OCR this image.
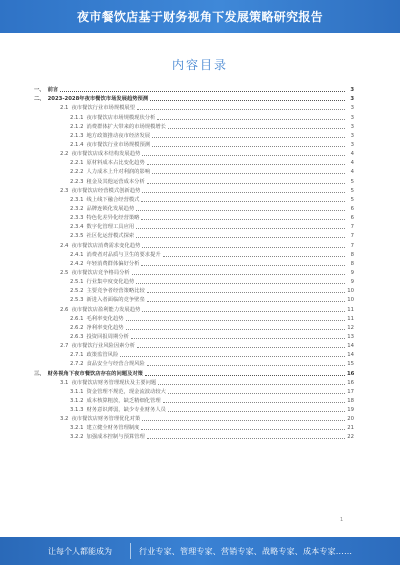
夜市餐饮店基于财务视角下发展策略研究报告
内容目录
一、 前言	3
二、 2023-2028年夜市餐饮市场发展趋势预测	3
2.1 夜市餐饮行业市场规模展望	3
2.1.1 夜市餐饮店市场规模现状分析	3
2.1.2 消费群体扩大带来的市场规模增长	3
2.1.3 地方政策推动夜市经济发展	3
2.1.4 夜市餐饮行业市场规模预测	3
2.2 夜市餐饮店成本结构发展趋势	4
2.2.1 原材料成本占比变化趋势	4
2.2.2 人力成本上升对利润的影响	4
2.2.3 租金及其他运营成本分析	5
2.3 夜市餐饮店经营模式创新趋势	5
2.3.1 线上线下融合经营模式	5
2.3.2 品牌连锁化发展趋势	6
2.3.3 特色化差异化经营策略	6
2.3.4 数字化管理工具应用	7
2.3.5 社区化运营模式探索	7
2.4 夜市餐饮店消费需求变化趋势	7
2.4.1 消费者对品质与卫生的要求提升	8
2.4.2 年轻消费群体偏好分析	8
2.5 夜市餐饮店竞争格局分析	9
2.5.1 行业集中度变化趋势	9
2.5.2 主要竞争者经营策略比较	10
2.5.3 新进入者面临的竞争壁垒	10
2.6 夜市餐饮店盈利能力发展趋势	11
2.6.1 毛利率变化趋势	11
2.6.2 净利率变化趋势	12
2.6.3 投资回报周期分析	13
2.7 夜市餐饮行业风险因素分析	14
2.7.1 政策监管风险	14
2.7.2 食品安全与经营合规风险	15
三、 财务视角下夜市餐饮店存在的问题及对策	16
3.1 夜市餐饮店财务管理现状及主要问题	16
3.1.1 资金管理不规范，现金流波动较大	17
3.1.2 成本核算粗放，缺乏精细化管理	18
3.1.3 财务意识薄弱，缺少专业财务人员	19
3.2 夜市餐饮店财务管理优化对策	20
3.2.1 建立健全财务管理制度	21
3.2.2 加强成本控制与预算管理	22
1
让每个人都能成为	行业专家、管理专家、营销专家、战略专家、成本专家……
